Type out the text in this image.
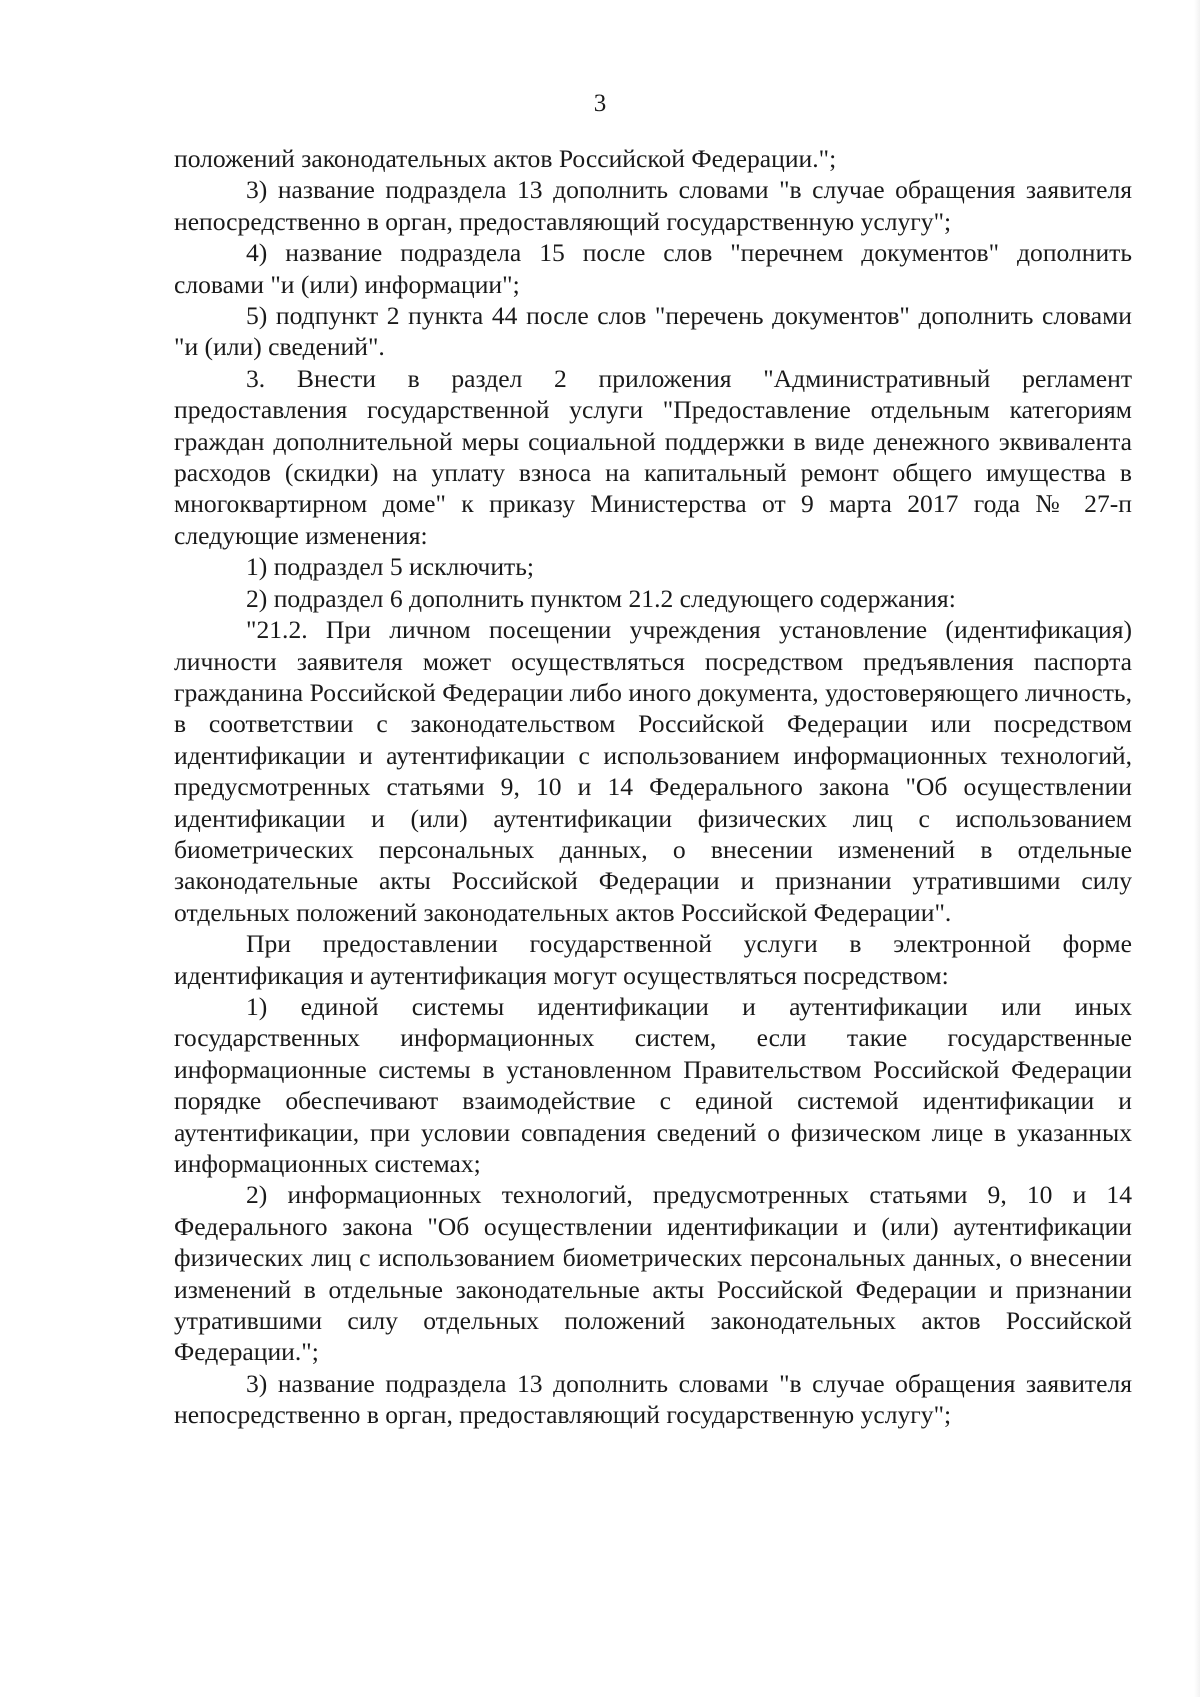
3

положений законодательных актов Российской Федерации.";

3) название подраздела 13 дополнить словами "в случае обращения заявителя непосредственно в орган, предоставляющий государственную услугу";

4) название подраздела 15 после слов "перечнем документов" дополнить словами "и (или) информации";

5) подпункт 2 пункта 44 после слов "перечень документов" дополнить словами "и (или) сведений".

3. Внести в раздел 2 приложения "Административный регламент предоставления государственной услуги "Предоставление отдельным категориям граждан дополнительной меры социальной поддержки в виде денежного эквивалента расходов (скидки) на уплату взноса на капитальный ремонт общего имущества в многоквартирном доме" к приказу Министерства от 9 марта 2017 года № 27-п следующие изменения:

1) подраздел 5 исключить;

2) подраздел 6 дополнить пунктом 21.2 следующего содержания:

"21.2. При личном посещении учреждения установление (идентификация) личности заявителя может осуществляться посредством предъявления паспорта гражданина Российской Федерации либо иного документа, удостоверяющего личность, в соответствии с законодательством Российской Федерации или посредством идентификации и аутентификации с использованием информационных технологий, предусмотренных статьями 9, 10 и 14 Федерального закона "Об осуществлении идентификации и (или) аутентификации физических лиц с использованием биометрических персональных данных, о внесении изменений в отдельные законодательные акты Российской Федерации и признании утратившими силу отдельных положений законодательных актов Российской Федерации".

При предоставлении государственной услуги в электронной форме идентификация и аутентификация могут осуществляться посредством:

1) единой системы идентификации и аутентификации или иных государственных информационных систем, если такие государственные информационные системы в установленном Правительством Российской Федерации порядке обеспечивают взаимодействие с единой системой идентификации и аутентификации, при условии совпадения сведений о физическом лице в указанных информационных системах;

2) информационных технологий, предусмотренных статьями 9, 10 и 14 Федерального закона "Об осуществлении идентификации и (или) аутентификации физических лиц с использованием биометрических персональных данных, о внесении изменений в отдельные законодательные акты Российской Федерации и признании утратившими силу отдельных положений законодательных актов Российской Федерации.";

3) название подраздела 13 дополнить словами "в случае обращения заявителя непосредственно в орган, предоставляющий государственную услугу";
